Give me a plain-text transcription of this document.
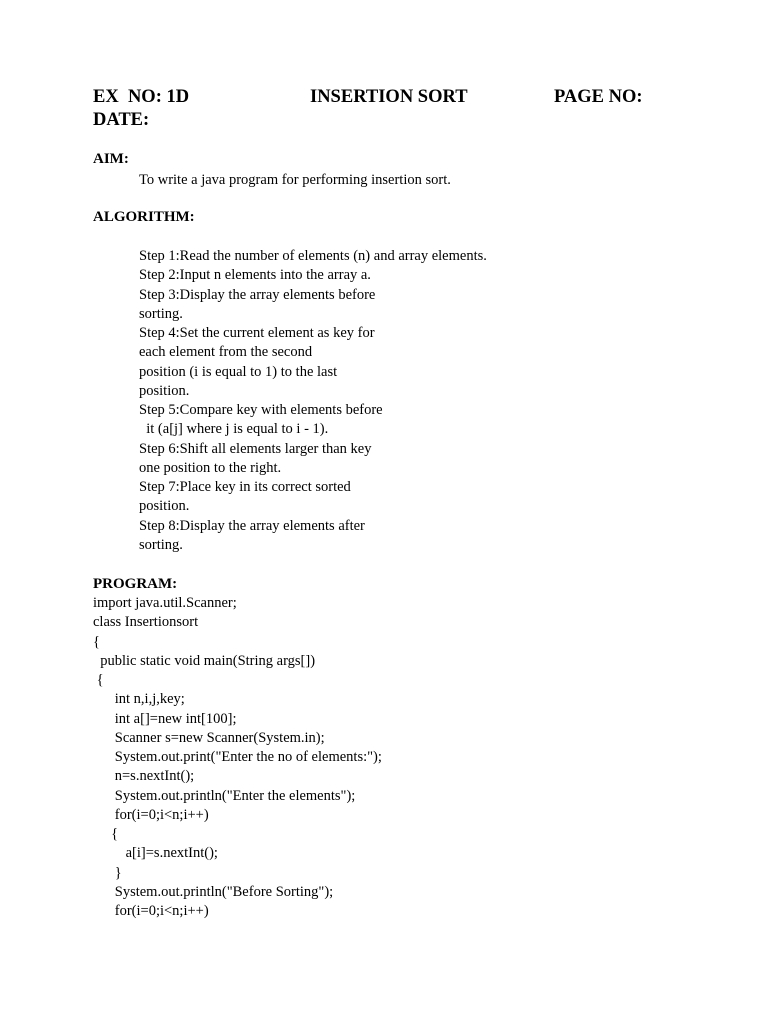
EX  NO: 1D	INSERTION SORT	PAGE NO:
DATE:
AIM:
To write a java program for performing insertion sort.
ALGORITHM:
Step 1:Read the number of elements (n) and array elements.
Step 2:Input n elements into the array a.
Step 3:Display the array elements before
sorting.
Step 4:Set the current element as key for
each element from the second
position (i is equal to 1) to the last
position.
Step 5:Compare key with elements before
it (a[j] where j is equal to i - 1).
Step 6:Shift all elements larger than key
one position to the right.
Step 7:Place key in its correct sorted
position.
Step 8:Display the array elements after
sorting.
PROGRAM:
import java.util.Scanner;
class Insertionsort
{
public static void main(String args[])
{
int n,i,j,key;
int a[]=new int[100];
Scanner s=new Scanner(System.in);
System.out.print("Enter the no of elements:");
n=s.nextInt();
System.out.println("Enter the elements");
for(i=0;i<n;i++)
{
a[i]=s.nextInt();
}
System.out.println("Before Sorting");
for(i=0;i<n;i++)
